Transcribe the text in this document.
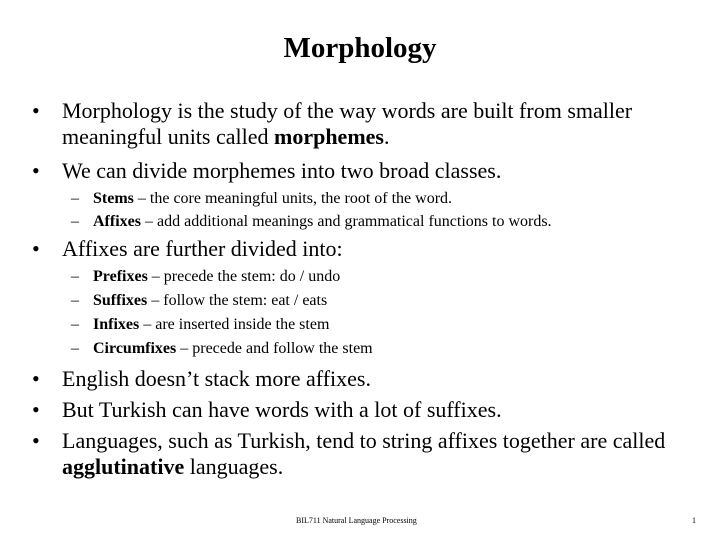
Morphology
• Morphology is the study of the way words are built from smaller meaningful units called morphemes.
• We can divide morphemes into two broad classes.
– Stems – the core meaningful units, the root of the word.
– Affixes – add additional meanings and grammatical functions to words.
• Affixes are further divided into:
– Prefixes – precede the stem: do / undo
– Suffixes – follow the stem: eat / eats
– Infixes – are inserted inside the stem
– Circumfixes – precede and follow the stem
• English doesn’t stack more affixes.
• But Turkish can have words with a lot of suffixes.
• Languages, such as Turkish, tend to string affixes together are called agglutinative languages.
BIL711 Natural Language Processing	1
